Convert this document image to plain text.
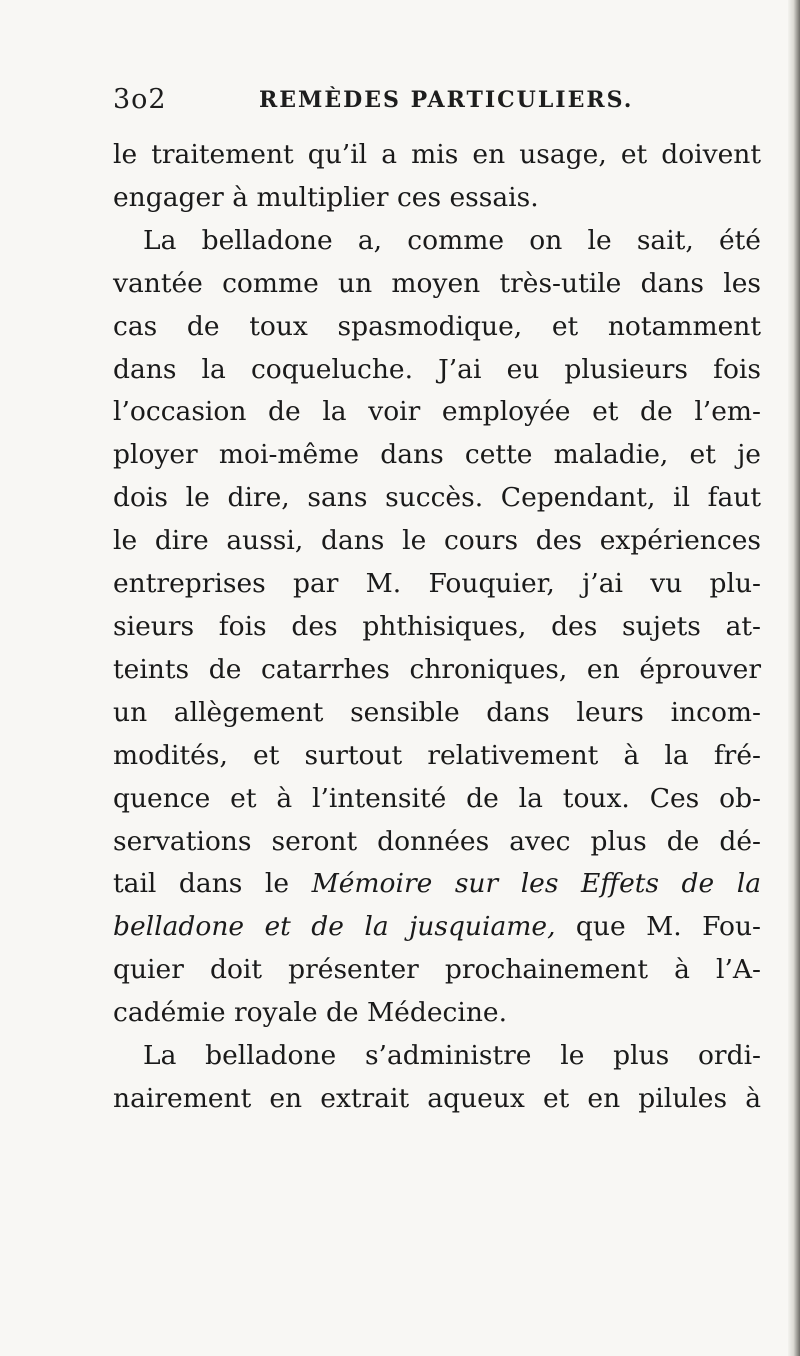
3o2	REMÈDES PARTICULIERS.
le traitement qu’il a mis en usage, et doivent
engager à multiplier ces essais.
La belladone a, comme on le sait, été
vantée comme un moyen très-utile dans les
cas de toux spasmodique, et notamment
dans la coqueluche. J’ai eu plusieurs fois
l’occasion de la voir employée et de l’em-
ployer moi-même dans cette maladie, et je
dois le dire, sans succès. Cependant, il faut
le dire aussi, dans le cours des expériences
entreprises par M. Fouquier, j’ai vu plu-
sieurs fois des phthisiques, des sujets at-
teints de catarrhes chroniques, en éprouver
un allègement sensible dans leurs incom-
modités, et surtout relativement à la fré-
quence et à l’intensité de la toux. Ces ob-
servations seront données avec plus de dé-
tail dans le Mémoire sur les Effets de la
belladone et de la jusquiame, que M. Fou-
quier doit présenter prochainement à l’A-
cadémie royale de Médecine.
La belladone s’administre le plus ordi-
nairement en extrait aqueux et en pilules à
